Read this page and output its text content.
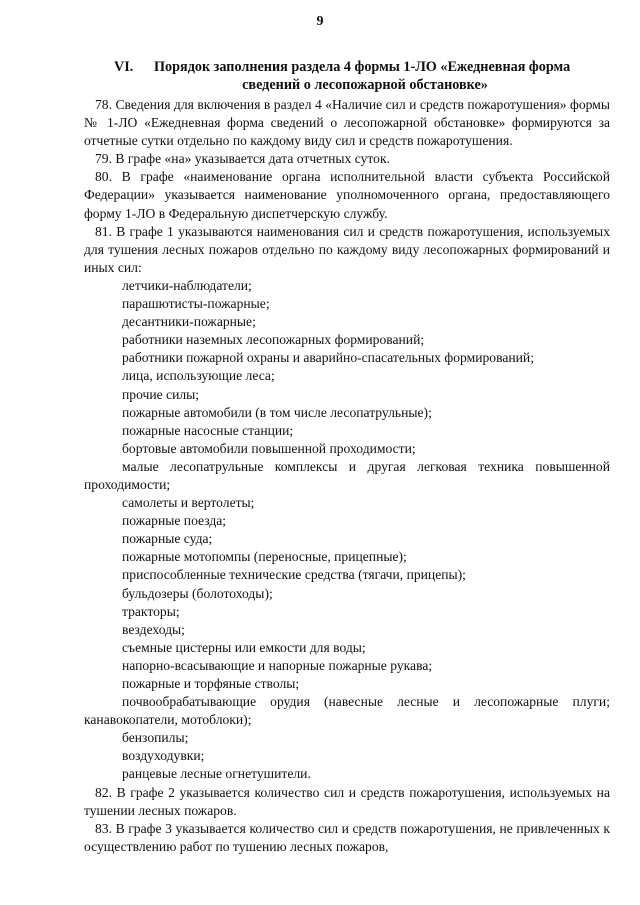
9
VI. Порядок заполнения раздела 4 формы 1-ЛО «Ежедневная форма
сведений о лесопожарной обстановке»

78. Сведения для включения в раздел 4 «Наличие сил и средств пожаротушения» формы № 1-ЛО «Ежедневная форма сведений о лесопожарной обстановке» формируются за отчетные сутки отдельно по каждому виду сил и средств пожаротушения.

79. В графе «на» указывается дата отчетных суток.

80. В графе «наименование органа исполнительной власти субъекта Российской Федерации» указывается наименование уполномоченного органа, предоставляющего форму 1-ЛО в Федеральную диспетчерскую службу.

81. В графе 1 указываются наименования сил и средств пожаротушения, используемых для тушения лесных пожаров отдельно по каждому виду лесопожарных формирований и иных сил:

летчики-наблюдатели;

парашютисты-пожарные;

десантники-пожарные;

работники наземных лесопожарных формирований;

работники пожарной охраны и аварийно-спасательных формирований;

лица, использующие леса;

прочие силы;

пожарные автомобили (в том числе лесопатрульные);

пожарные насосные станции;

бортовые автомобили повышенной проходимости;

малые лесопатрульные комплексы и другая легковая техника повышенной проходимости;

самолеты и вертолеты;

пожарные поезда;

пожарные суда;

пожарные мотопомпы (переносные, прицепные);

приспособленные технические средства (тягачи, прицепы);

бульдозеры (болотоходы);

тракторы;

вездеходы;

съемные цистерны или емкости для воды;

напорно-всасывающие и напорные пожарные рукава;

пожарные и торфяные стволы;

почвообрабатывающие орудия (навесные лесные и лесопожарные плуги; канавокопатели, мотоблоки);

бензопилы;

воздуходувки;

ранцевые лесные огнетушители.

82. В графе 2 указывается количество сил и средств пожаротушения, используемых на тушении лесных пожаров.

83. В графе 3 указывается количество сил и средств пожаротушения, не привлеченных к осуществлению работ по тушению лесных пожаров,
